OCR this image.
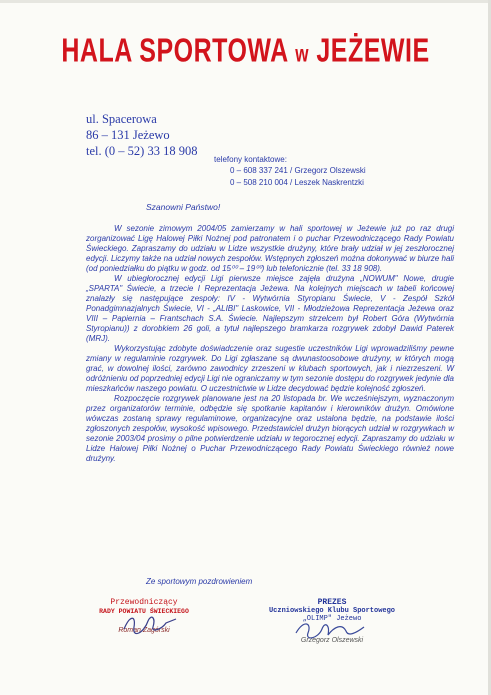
HALA SPORTOWA w JEŻEWIE
ul. Spacerowa
86 – 131 Jeżewo
tel. (0 – 52) 33 18 908
telefony kontaktowe:
0 – 608 337 241 / Grzegorz Olszewski
0 – 508 210 004 / Leszek Naskrentzki
Szanowni Państwo!

W sezonie zimowym 2004/05 zamierzamy w hali sportowej w Jeżewie już po raz drugi zorganizować Ligę Halowej Piłki Nożnej pod patronatem i o puchar Przewodniczącego Rady Powiatu Świeckiego. Zapraszamy do udziału w Lidze wszystkie drużyny, które brały udział w jej zeszłorocznej edycji. Liczymy także na udział nowych zespołów. Wstępnych zgłoszeń można dokonywać w biurze hali (od poniedziałku do piątku w godz. od 15⁰⁰ – 19⁰⁰) lub telefonicznie (tel. 33 18 908).

W ubiegłorocznej edycji Ligi pierwsze miejsce zajęła drużyna „NOWUM" Nowe, drugie „SPARTA" Świecie, a trzecie I Reprezentacja Jeżewa. Na kolejnych miejscach w tabeli końcowej znalazły się następujące zespoły: IV - Wytwórnia Styropianu Świecie, V - Zespół Szkół Ponadgimnazjalnych Świecie, VI - „ALIBI" Laskowice, VII - Młodzieżowa Reprezentacja Jeżewa oraz VIII – Papiernia – Frantschach S.A. Świecie. Najlepszym strzelcem był Robert Góra (Wytwórnia Styropianu)) z dorobkiem 26 goli, a tytuł najlepszego bramkarza rozgrywek zdobył Dawid Paterek (MRJ).

Wykorzystując zdobyte doświadczenie oraz sugestie uczestników Ligi wprowadziliśmy pewne zmiany w regulaminie rozgrywek. Do Ligi zgłaszane są dwunastoosobowe drużyny, w których mogą grać, w dowolnej ilości, zarówno zawodnicy zrzeszeni w klubach sportowych, jak i niezrzeszeni. W odróżnieniu od poprzedniej edycji Ligi nie ograniczamy w tym sezonie dostępu do rozgrywek jedynie dla mieszkańców naszego powiatu. O uczestnictwie w Lidze decydować będzie kolejność zgłoszeń.

Rozpoczęcie rozgrywek planowane jest na 20 listopada br. We wcześniejszym, wyznaczonym przez organizatorów terminie, odbędzie się spotkanie kapitanów i kierowników drużyn. Omówione wówczas zostaną sprawy regulaminowe, organizacyjne oraz ustalona będzie, na podstawie ilości zgłoszonych zespołów, wysokość wpisowego. Przedstawiciel drużyn biorących udział w rozgrywkach w sezonie 2003/04 prosimy o pilne potwierdzenie udziału w tegorocznej edycji. Zapraszamy do udziału w Lidze Halowej Piłki Nożnej o Puchar Przewodniczącego Rady Powiatu Świeckiego również nowe drużyny.

Ze sportowym pozdrowieniem
Przewodniczący
RADY POWIATU ŚWIECKIEGO
Roman Zagórski
PREZES
Uczniowskiego Klubu Sportowego
„OLIMP" Jeżewo
Grzegorz Olszewski
